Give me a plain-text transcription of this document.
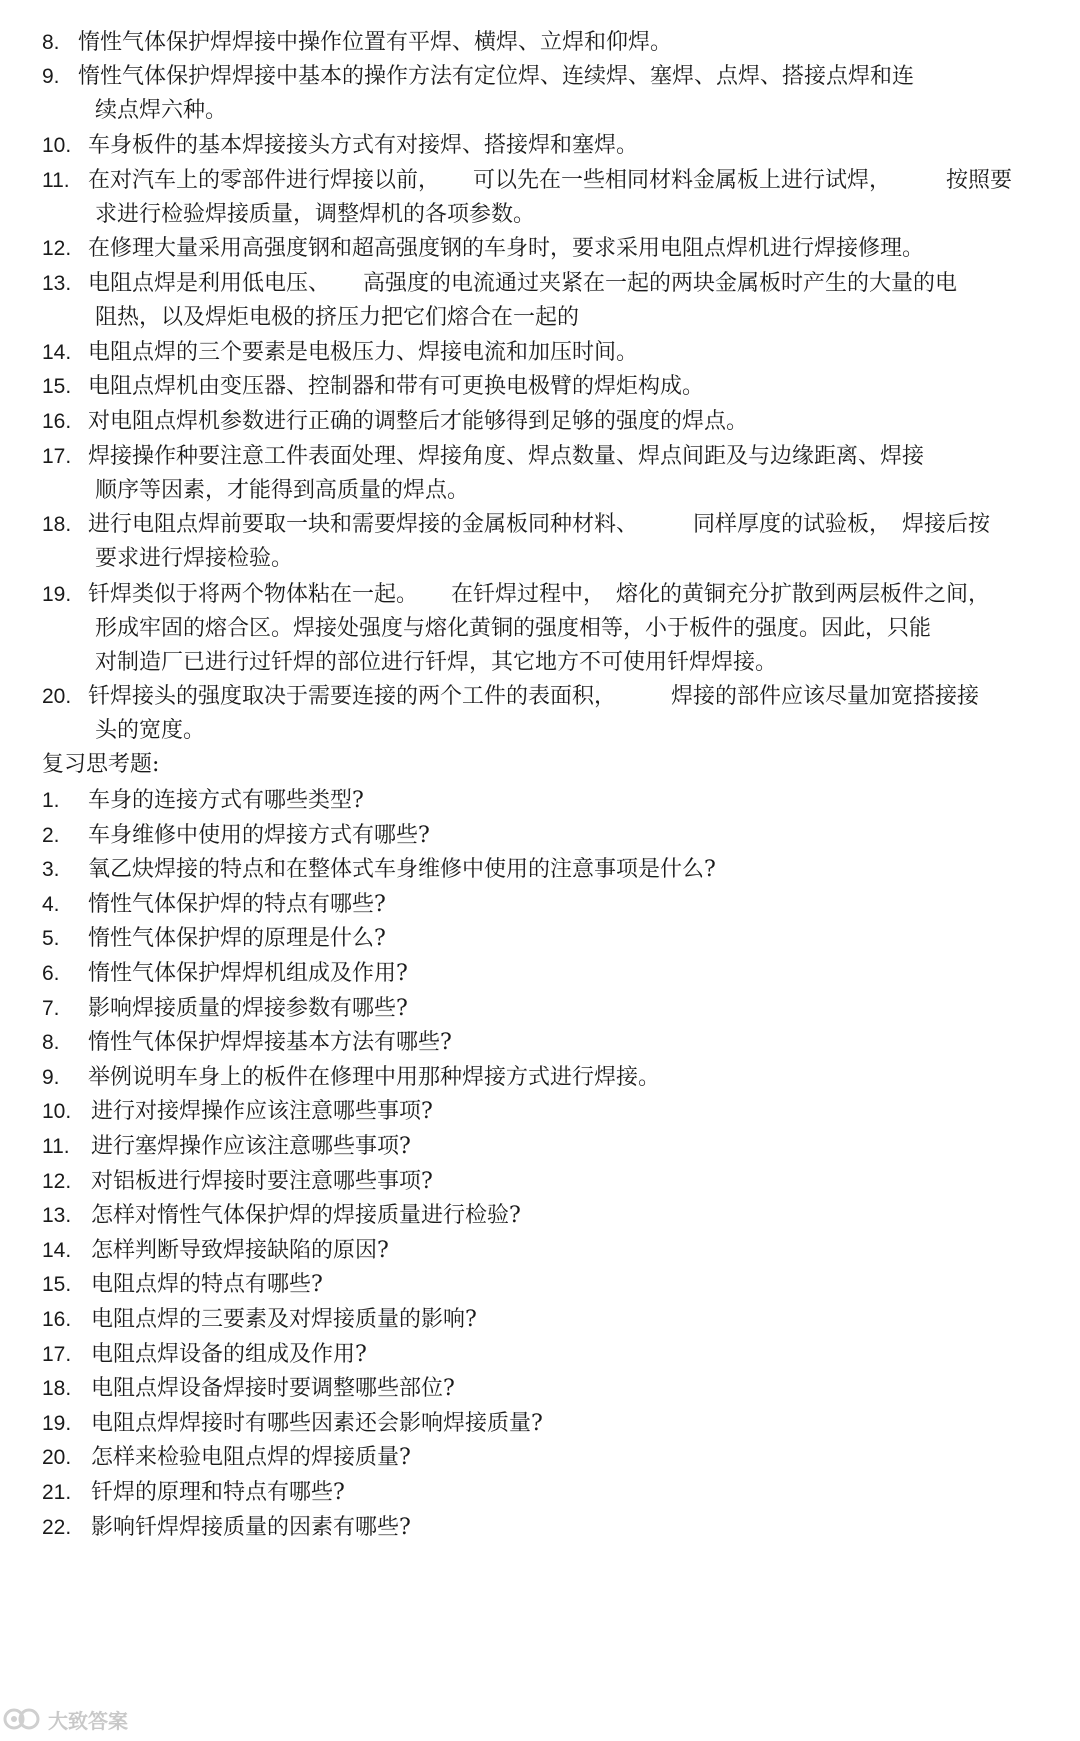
8. 惰性气体保护焊焊接中操作位置有平焊、横焊、立焊和仰焊。
9. 惰性气体保护焊焊接中基本的操作方法有定位焊、连续焊、塞焊、点焊、搭接点焊和连
续点焊六种。
10. 车身板件的基本焊接接头方式有对接焊、搭接焊和塞焊。
11. 在对汽车上的零部件进行焊接以前，　　可以先在一些相同材料金属板上进行试焊，　　　按照要
求进行检验焊接质量，调整焊机的各项参数。
12. 在修理大量采用高强度钢和超高强度钢的车身时，要求采用电阻点焊机进行焊接修理。
13. 电阻点焊是利用低电压、　　高强度的电流通过夹紧在一起的两块金属板时产生的大量的电
阻热，以及焊炬电极的挤压力把它们熔合在一起的
14. 电阻点焊的三个要素是电极压力、焊接电流和加压时间。
15. 电阻点焊机由变压器、控制器和带有可更换电极臂的焊炬构成。
16. 对电阻点焊机参数进行正确的调整后才能够得到足够的强度的焊点。
17. 焊接操作种要注意工件表面处理、焊接角度、焊点数量、焊点间距及与边缘距离、焊接
顺序等因素，才能得到高质量的焊点。
18. 进行电阻点焊前要取一块和需要焊接的金属板同种材料、　　　同样厚度的试验板，　焊接后按
要求进行焊接检验。
19. 钎焊类似于将两个物体粘在一起。　　在钎焊过程中，　熔化的黄铜充分扩散到两层板件之间，
形成牢固的熔合区。焊接处强度与熔化黄铜的强度相等，小于板件的强度。因此，只能
对制造厂已进行过钎焊的部位进行钎焊，其它地方不可使用钎焊焊接。
20. 钎焊接头的强度取决于需要连接的两个工件的表面积，　　　焊接的部件应该尽量加宽搭接接
头的宽度。
复习思考题:
1. 车身的连接方式有哪些类型?
2. 车身维修中使用的焊接方式有哪些?
3. 氧乙炔焊接的特点和在整体式车身维修中使用的注意事项是什么?
4. 惰性气体保护焊的特点有哪些?
5. 惰性气体保护焊的原理是什么?
6. 惰性气体保护焊焊机组成及作用?
7. 影响焊接质量的焊接参数有哪些?
8. 惰性气体保护焊焊接基本方法有哪些?
9. 举例说明车身上的板件在修理中用那种焊接方式进行焊接。
10. 进行对接焊操作应该注意哪些事项?
11. 进行塞焊操作应该注意哪些事项?
12. 对铝板进行焊接时要注意哪些事项?
13. 怎样对惰性气体保护焊的焊接质量进行检验?
14. 怎样判断导致焊接缺陷的原因?
15. 电阻点焊的特点有哪些?
16. 电阻点焊的三要素及对焊接质量的影响?
17. 电阻点焊设备的组成及作用?
18. 电阻点焊设备焊接时要调整哪些部位?
19. 电阻点焊焊接时有哪些因素还会影响焊接质量?
20. 怎样来检验电阻点焊的焊接质量?
21. 钎焊的原理和特点有哪些?
22. 影响钎焊焊接质量的因素有哪些?
大致答案
